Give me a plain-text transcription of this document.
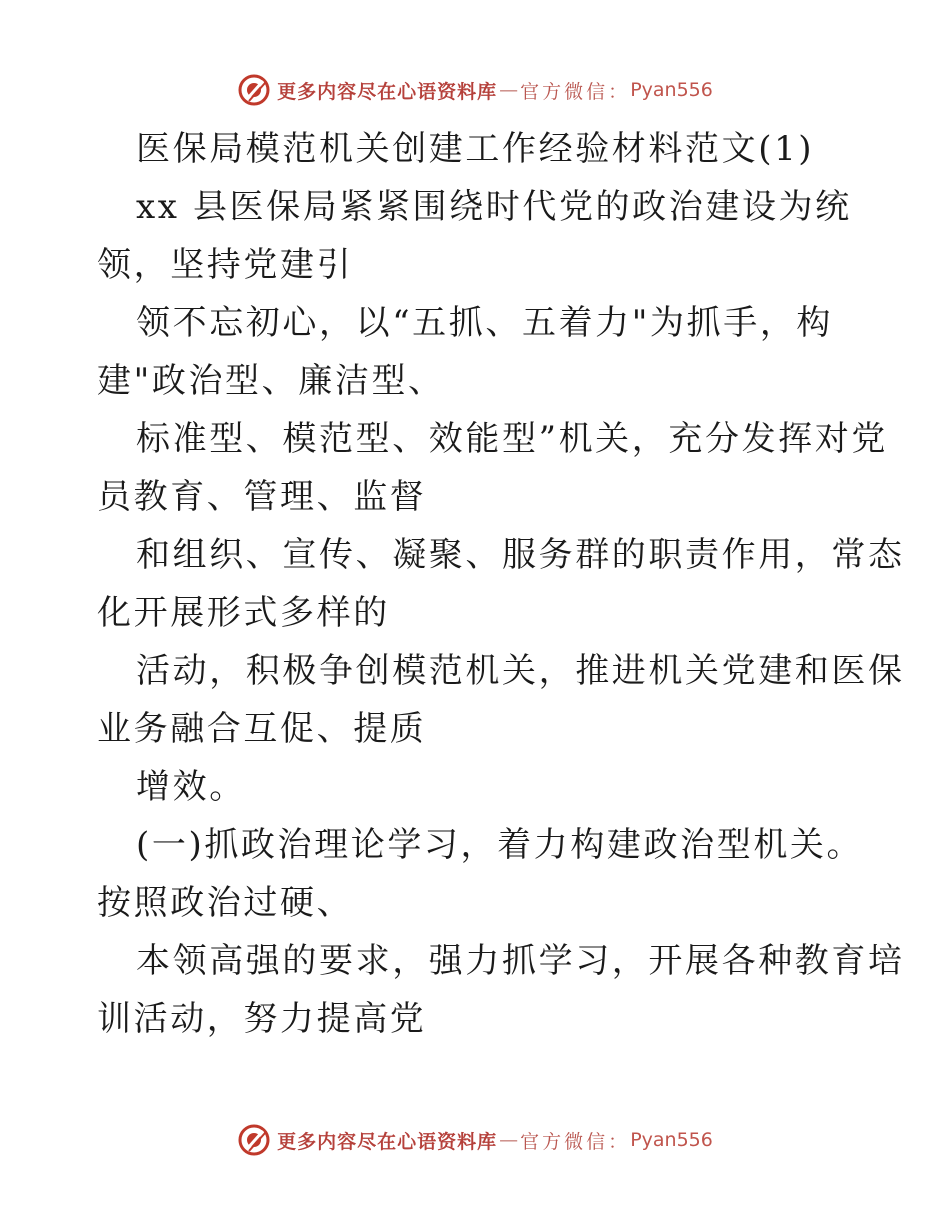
更多内容尽在心语资料库 — 官方微信： Pyan556
医保局模范机关创建工作经验材料范文(1)
xx 县医保局紧紧围绕时代党的政治建设为统
领，坚持党建引
领不忘初心，以“五抓、五着力"为抓手，构
建"政治型、廉洁型、
标准型、模范型、效能型”机关，充分发挥对党
员教育、管理、监督
和组织、宣传、凝聚、服务群的职责作用，常态
化开展形式多样的
活动，积极争创模范机关，推进机关党建和医保
业务融合互促、提质
增效。
(一)抓政治理论学习，着力构建政治型机关。
按照政治过硬、
本领高强的要求，强力抓学习，开展各种教育培
训活动，努力提高党
更多内容尽在心语资料库 — 官方微信： Pyan556
